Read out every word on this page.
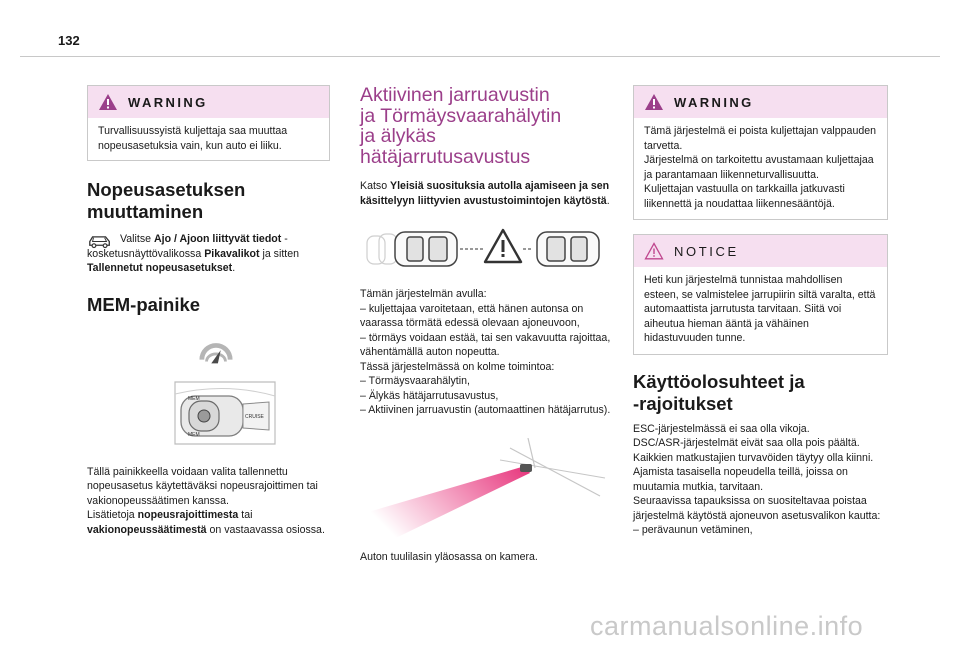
132
WARNING
Turvallisuussyistä kuljettaja saa muuttaa nopeusasetuksia vain, kun auto ei liiku.
Nopeusasetuksen
muuttaminen

Valitse Ajo / Ajoon liittyvät tiedot -kosketusnäyttövalikossa Pikavalikot ja sitten Tallennetut nopeusasetukset.

MEM-painike
MEM
MEM
CRUISE

Tällä painikkeella voidaan valita tallennettu nopeusasetus käytettäväksi nopeusrajoittimen tai vakionopeussäätimen kanssa.

Lisätietoja nopeusrajoittimesta tai vakionopeussäätimestä on vastaavassa osiossa.

Aktiivinen jarruavustin
ja Törmäysvaarahälytin
ja älykäs
hätäjarrutusavustus

Katso Yleisiä suosituksia autolla ajamiseen ja sen käsittelyyn liittyvien avustustoimintojen käytöstä.

Tämän järjestelmän avulla:

– kuljettajaa varoitetaan, että hänen autonsa on vaarassa törmätä edessä olevaan ajoneuvoon,

– törmäys voidaan estää, tai sen vakavuutta rajoittaa, vähentämällä auton nopeutta.

Tässä järjestelmässä on kolme toimintoa:

– Törmäysvaarahälytin,

– Älykäs hätäjarrutusavustus,

– Aktiivinen jarruavustin (automaattinen hätäjarrutus).

Auton tuulilasin yläosassa on kamera.

WARNING

Tämä järjestelmä ei poista kuljettajan valppauden tarvetta.

Järjestelmä on tarkoitettu avustamaan kuljettajaa ja parantamaan liikenneturvallisuutta.

Kuljettajan vastuulla on tarkkailla jatkuvasti liikennettä ja noudattaa liikennesääntöjä.

NOTICE
Heti kun järjestelmä tunnistaa mahdollisen esteen, se valmistelee jarrupiirin siltä varalta, että automaattista jarrutusta tarvitaan. Siitä voi aiheutua hieman ääntä ja vähäinen hidastuvuuden tunne.
Käyttöolosuhteet ja
-rajoitukset

ESC-järjestelmässä ei saa olla vikoja.

DSC/ASR-järjestelmät eivät saa olla pois päältä.

Kaikkien matkustajien turvavöiden täytyy olla kiinni.

Ajamista tasaisella nopeudella teillä, joissa on muutamia mutkia, tarvitaan.

Seuraavissa tapauksissa on suositeltavaa poistaa järjestelmä käytöstä ajoneuvon asetusvalikon kautta:

– perävaunun vetäminen,

carmanualsonline.info
